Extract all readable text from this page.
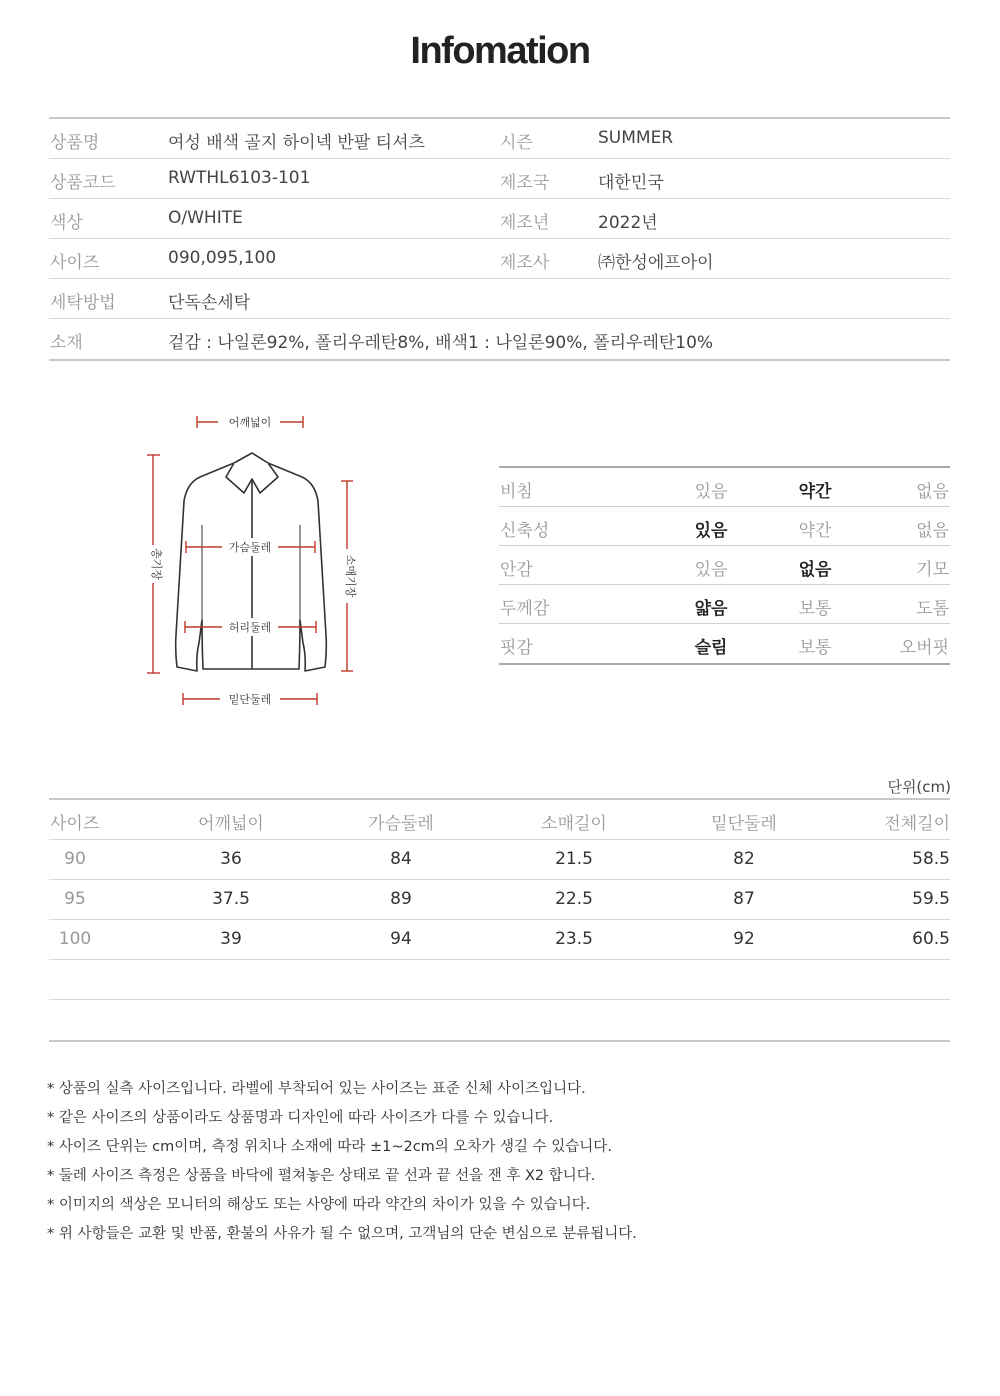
Infomation
상품명	여성 배색 골지 하이넥 반팔 티셔츠	시즌	SUMMER
상품코드	RWTHL6103-101	제조국	대한민국
색상	O/WHITE	제조년	2022년
사이즈	090,095,100	제조사	㈜한성에프아이
세탁방법	단독손세탁
소재	겉감 : 나일론92%, 폴리우레탄8%, 배색1 : 나일론90%, 폴리우레탄10%
어깨넓이
총기장	소매기장
가슴둘레
허리둘레
밑단둘레
비침	있음	약간	없음
신축성	있음	약간	없음
안감	있음	없음	기모
두께감	얇음	보통	도톰
핏감	슬림	보통	오버핏
단위(cm)
사이즈	어깨넓이	가슴둘레	소매길이	밑단둘레	전체길이
90	36	84	21.5	82	58.5
95	37.5	89	22.5	87	59.5
100	39	94	23.5	92	60.5
* 상품의 실측 사이즈입니다. 라벨에 부착되어 있는 사이즈는 표준 신체 사이즈입니다.
* 같은 사이즈의 상품이라도 상품명과 디자인에 따라 사이즈가 다를 수 있습니다.
* 사이즈 단위는 cm이며, 측정 위치나 소재에 따라 ±1~2cm의 오차가 생길 수 있습니다.
* 둘레 사이즈 측정은 상품을 바닥에 펼쳐놓은 상태로 끝 선과 끝 선을 잰 후 X2 합니다.
* 이미지의 색상은 모니터의 해상도 또는 사양에 따라 약간의 차이가 있을 수 있습니다.
* 위 사항들은 교환 및 반품, 환불의 사유가 될 수 없으며, 고객님의 단순 변심으로 분류됩니다.
